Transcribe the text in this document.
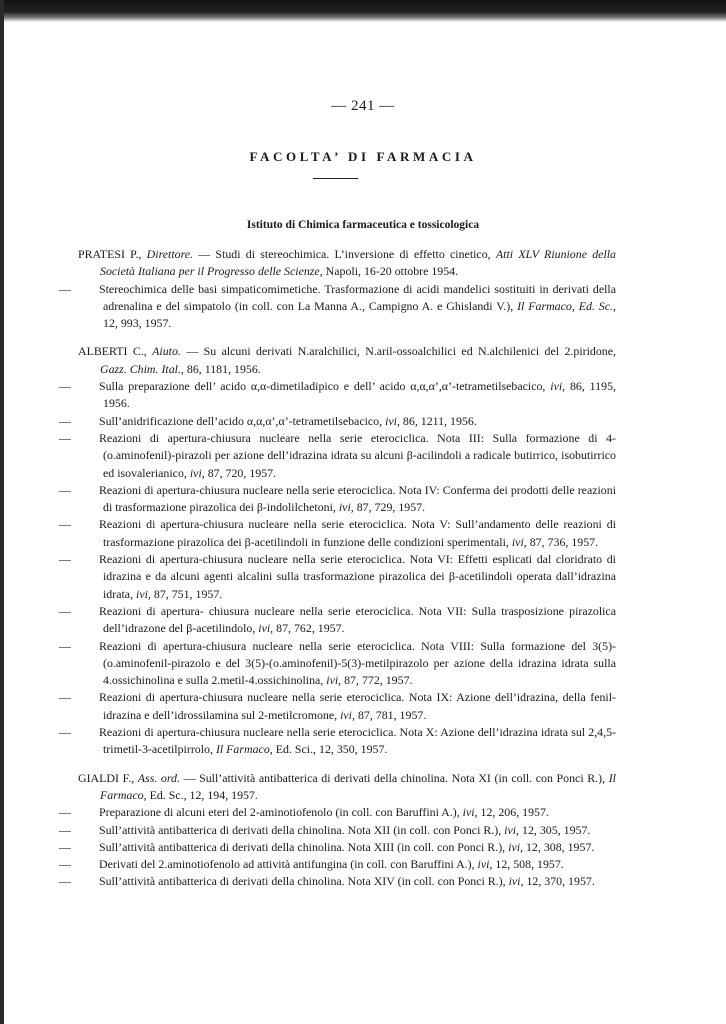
— 241 —
FACOLTA’ DI FARMACIA
Istituto di Chimica farmaceutica e tossicologica

PRATESI P., Direttore. — Studi di stereochimica. L’inversione di effetto cinetico, Atti XLV Riunione della Società Italiana per il Progresso delle Scienze, Napoli, 16-20 ottobre 1954.

— Stereochimica delle basi simpaticomimetiche. Trasformazione di acidi mandelici sostituiti in derivati della adrenalina e del simpatolo (in coll. con La Manna A., Campigno A. e Ghislandi V.), Il Farmaco, Ed. Sc., 12, 993, 1957.

ALBERTI C., Aiuto. — Su alcuni derivati N.aralchilici, N.aril-ossoalchilici ed N.alchilenici del 2.piridone, Gazz. Chim. Ital., 86, 1181, 1956.

— Sulla preparazione dell’ acido α,α-dimetiladipico e dell’ acido α,α,α’,α’-tetrametilsebacico, ivi, 86, 1195, 1956.

— Sull’anidrificazione dell’acido α,α,α’,α’-tetrametilsebacico, ivi, 86, 1211, 1956.

— Reazioni di apertura-chiusura nucleare nella serie eterociclica. Nota III: Sulla formazione di 4-(o.aminofenil)-pirazoli per azione dell’idrazina idrata su alcuni β-acilindoli a radicale butirrico, isobutirrico ed isovalerianico, ivi, 87, 720, 1957.

— Reazioni di apertura-chiusura nucleare nella serie eterociclica. Nota IV: Conferma dei prodotti delle reazioni di trasformazione pirazolica dei β-indolilchetoni, ivi, 87, 729, 1957.

— Reazioni di apertura-chiusura nucleare nella serie eterociclica. Nota V: Sull’andamento delle reazioni di trasformazione pirazolica dei β-acetilindoli in funzione delle condizioni sperimentali, ivi, 87, 736, 1957.

— Reazioni di apertura-chiusura nucleare nella serie eterociclica. Nota VI: Effetti esplicati dal cloridrato di idrazina e da alcuni agenti alcalini sulla trasformazione pirazolica dei β-acetilindoli operata dall’idrazina idrata, ivi, 87, 751, 1957.

— Reazioni di apertura- chiusura nucleare nella serie eterociclica. Nota VII: Sulla trasposizione pirazolica dell’idrazone del β-acetilindolo, ivi, 87, 762, 1957.

— Reazioni di apertura-chiusura nucleare nella serie eterociclica. Nota VIII: Sulla formazione del 3(5)-(o.aminofenil-pirazolo e del 3(5)-(o.aminofenil)-5(3)-metilpirazolo per azione della idrazina idrata sulla 4.ossichinolina e sulla 2.metil-4.ossichinolina, ivi, 87, 772, 1957.

— Reazioni di apertura-chiusura nucleare nella serie eterociclica. Nota IX: Azione dell’idrazina, della fenil-idrazina e dell’idrossilamina sul 2-metilcromone, ivi, 87, 781, 1957.

— Reazioni di apertura-chiusura nucleare nella serie eterociclica. Nota X: Azione dell’idrazina idrata sul 2,4,5-trimetil-3-acetilpirrolo, Il Farmaco, Ed. Sci., 12, 350, 1957.

GIALDI F., Ass. ord. — Sull’attività antibatterica di derivati della chinolina. Nota XI (in coll. con Ponci R.), Il Farmaco, Ed. Sc., 12, 194, 1957.

— Preparazione di alcuni eteri del 2-aminotiofenolo (in coll. con Baruffini A.), ivi, 12, 206, 1957.

— Sull’attività antibatterica di derivati della chinolina. Nota XII (in coll. con Ponci R.), ivi, 12, 305, 1957.

— Sull’attività antibatterica di derivati della chinolina. Nota XIII (in coll. con Ponci R.), ivi, 12, 308, 1957.

— Derivati del 2.aminotiofenolo ad attività antifungina (in coll. con Baruffini A.), ivi, 12, 508, 1957.

— Sull’attività antibatterica di derivati della chinolina. Nota XIV (in coll. con Ponci R.), ivi, 12, 370, 1957.
